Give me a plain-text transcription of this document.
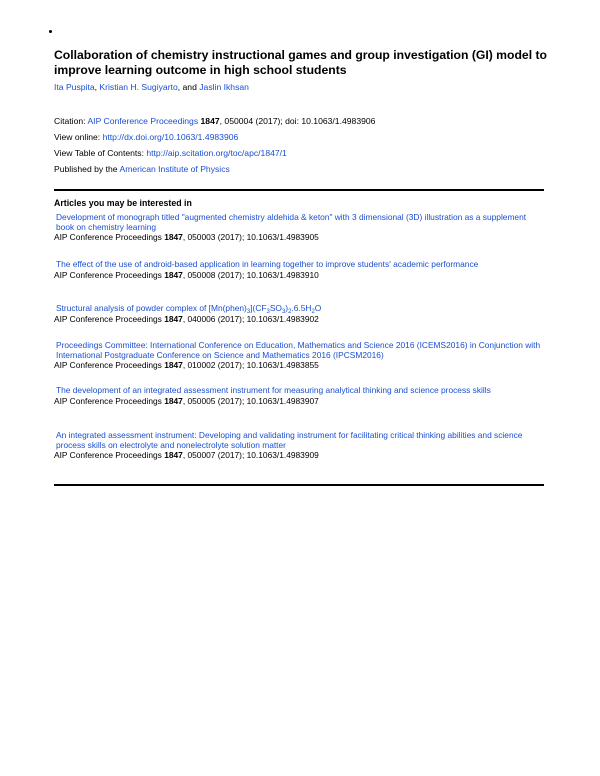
Collaboration of chemistry instructional games and group investigation (GI) model to improve learning outcome in high school students
Ita Puspita, Kristian H. Sugiyarto, and Jaslin Ikhsan
Citation: AIP Conference Proceedings 1847, 050004 (2017); doi: 10.1063/1.4983906
View online: http://dx.doi.org/10.1063/1.4983906
View Table of Contents: http://aip.scitation.org/toc/apc/1847/1
Published by the American Institute of Physics
Articles you may be interested in
Development of monograph titled "augmented chemistry aldehida & keton" with 3 dimensional (3D) illustration as a supplement book on chemistry learning
AIP Conference Proceedings 1847, 050003 (2017); 10.1063/1.4983905
The effect of the use of android-based application in learning together to improve students' academic performance
AIP Conference Proceedings 1847, 050008 (2017); 10.1063/1.4983910
Structural analysis of powder complex of $[Mn(phen)_3](CF_3SO_3)_2.6.5H_2O$
AIP Conference Proceedings 1847, 040006 (2017); 10.1063/1.4983902
Proceedings Committee: International Conference on Education, Mathematics and Science 2016 (ICEMS2016) in Conjunction with International Postgraduate Conference on Science and Mathematics 2016 (IPCSM2016)
AIP Conference Proceedings 1847, 010002 (2017); 10.1063/1.4983855
The development of an integrated assessment instrument for measuring analytical thinking and science process skills
AIP Conference Proceedings 1847, 050005 (2017); 10.1063/1.4983907
An integrated assessment instrument: Developing and validating instrument for facilitating critical thinking abilities and science process skills on electrolyte and nonelectrolyte solution matter
AIP Conference Proceedings 1847, 050007 (2017); 10.1063/1.4983909
